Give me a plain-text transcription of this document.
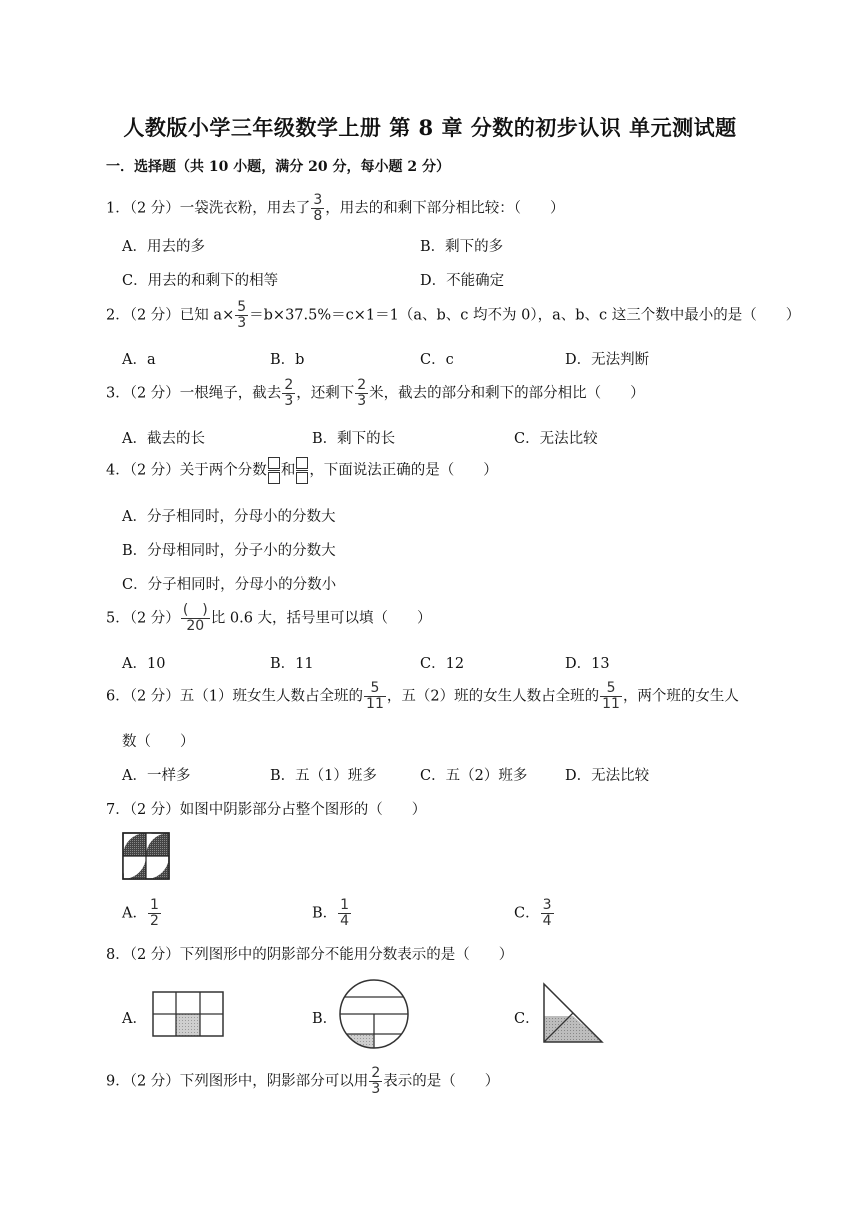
人教版小学三年级数学上册 第 8 章 分数的初步认识 单元测试题
一．选择题（共 10 小题，满分 20 分，每小题 2 分）
1．（2 分）一袋洗衣粉，用去了 $\frac{3}{8}$ ，用去的和剩下部分相比较：（　　）
A．用去的多	B．剩下的多
C．用去的和剩下的相等	D．不能确定
2．（2 分）已知 $a\times \frac{5}{3} =b\times 37.5\%=c\times 1=1(a$、b、c 均不为 0），a、b、c 这三个数中最小的是（　　）
A．a	B．b	C．c	D．无法判断
3．（2 分）一根绳子，截去 $\frac{2}{3}$ ，还剩下 $\frac{2}{3}$ 米，截去的部分和剩下的部分相比（　　）
A．截去的长	B．剩下的长	C．无法比较
4．（2 分）关于两个分数 和 ，下面说法正确的是（　　）
A．分子相同时，分母小的分数大
B．分母相同时，分子小的分数大
C．分子相同时，分母小的分数小
5．（2 分） $\frac{( )}{20}$ 比 0.6 大，括号里可以填（　　）
A．10	B．11	C．12	D．13
6．（2 分）五（1）班女生人数占全班的 $\frac{5}{11}$ ，五（2）班的女生人数占全班的 $\frac{5}{11}$ ，两个班的女生人
数（　　）
A．一样多	B．五（1）班多	C．五（2）班多	D．无法比较
7．（2 分）如图中阴影部分占整个图形的（　　）
A． $\frac{1}{2}$	B． $\frac{1}{4}$	C． $\frac{3}{4}$
8．（2 分）下列图形中的阴影部分不能用分数表示的是（　　）
A．	B．	C．
9．（2 分）下列图形中，阴影部分可以用 $\frac{2}{3}$ 表示的是（　　）
